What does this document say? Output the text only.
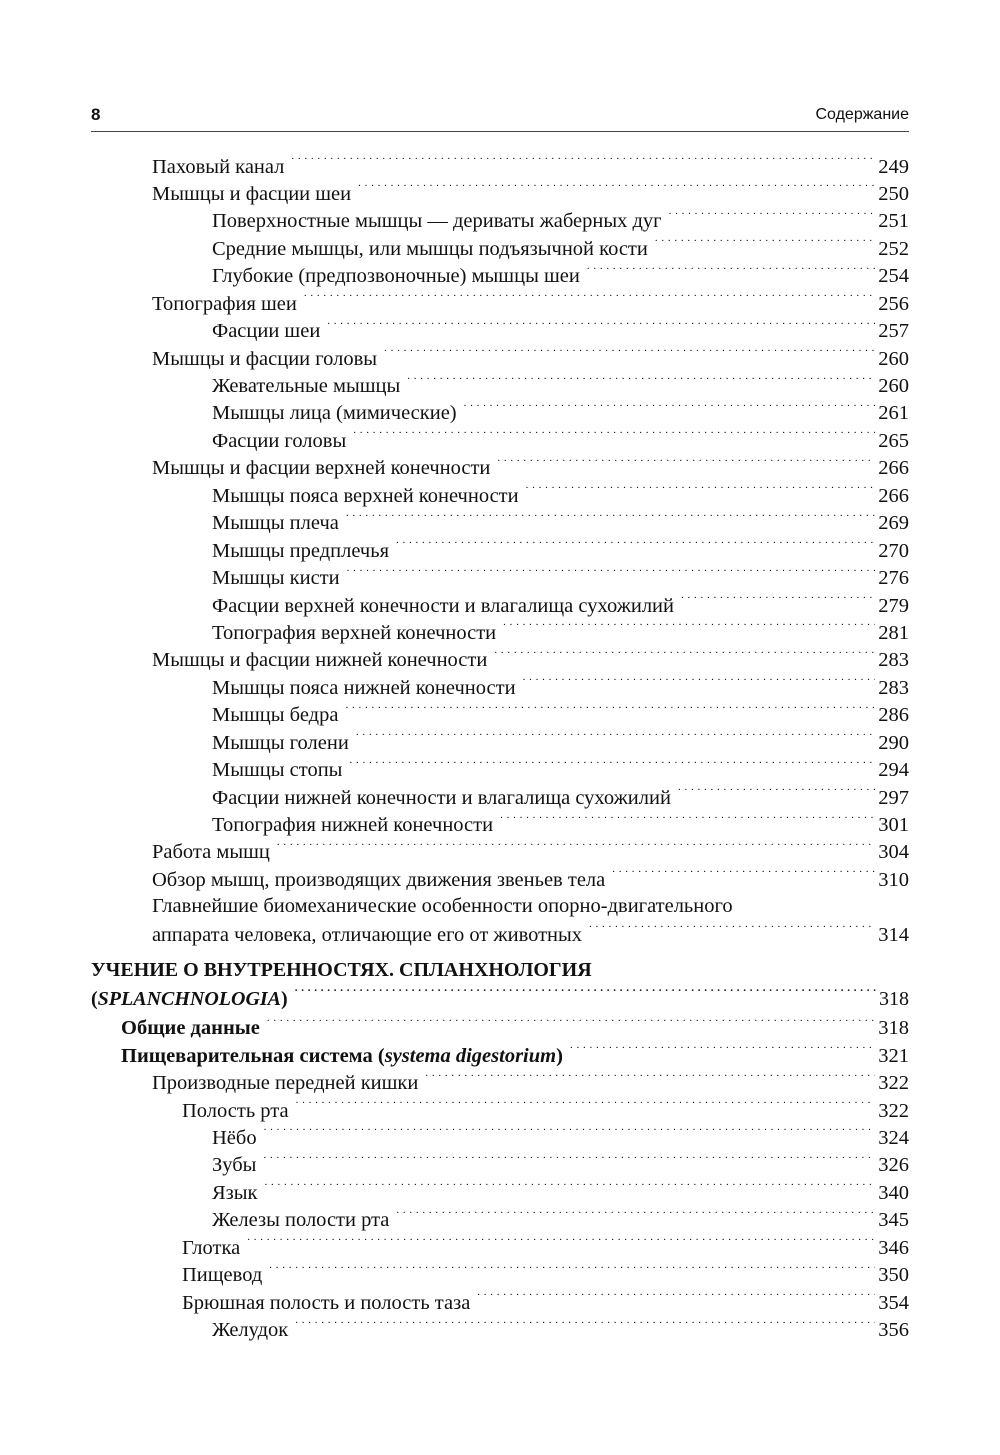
8	Содержание
Паховый канал . . .	249
Мышцы и фасции шеи . . .	250
Поверхностные мышцы — дериваты жаберных дуг . . .	251
Средние мышцы, или мышцы подъязычной кости . . .	252
Глубокие (предпозвоночные) мышцы шеи . . .	254
Топография шеи . . .	256
Фасции шеи . . .	257
Мышцы и фасции головы . . .	260
Жевательные мышцы . . .	260
Мышцы лица (мимические) . . .	261
Фасции головы . . .	265
Мышцы и фасции верхней конечности . . .	266
Мышцы пояса верхней конечности . . .	266
Мышцы плеча . . .	269
Мышцы предплечья . . .	270
Мышцы кисти . . .	276
Фасции верхней конечности и влагалища сухожилий . . .	279
Топография верхней конечности . . .	281
Мышцы и фасции нижней конечности . . .	283
Мышцы пояса нижней конечности . . .	283
Мышцы бедра . . .	286
Мышцы голени . . .	290
Мышцы стопы . . .	294
Фасции нижней конечности и влагалища сухожилий . . .	297
Топография нижней конечности . . .	301
Работа мышц . . .	304
Обзор мышц, производящих движения звеньев тела . . .	310
Главнейшие биомеханические особенности опорно-двигательного
аппарата человека, отличающие его от животных . . .	314
УЧЕНИЕ О ВНУТРЕННОСТЯХ. СПЛАНХНОЛОГИЯ
(SPLANCHNOLOGIA) . . .	318
Общие данные . . .	318
Пищеварительная система (systema digestorium) . . .	321
Производные передней кишки . . .	322
Полость рта . . .	322
Нёбо . . .	324
Зубы . . .	326
Язык . . .	340
Железы полости рта . . .	345
Глотка . . .	346
Пищевод . . .	350
Брюшная полость и полость таза . . .	354
Желудок . . .	356
